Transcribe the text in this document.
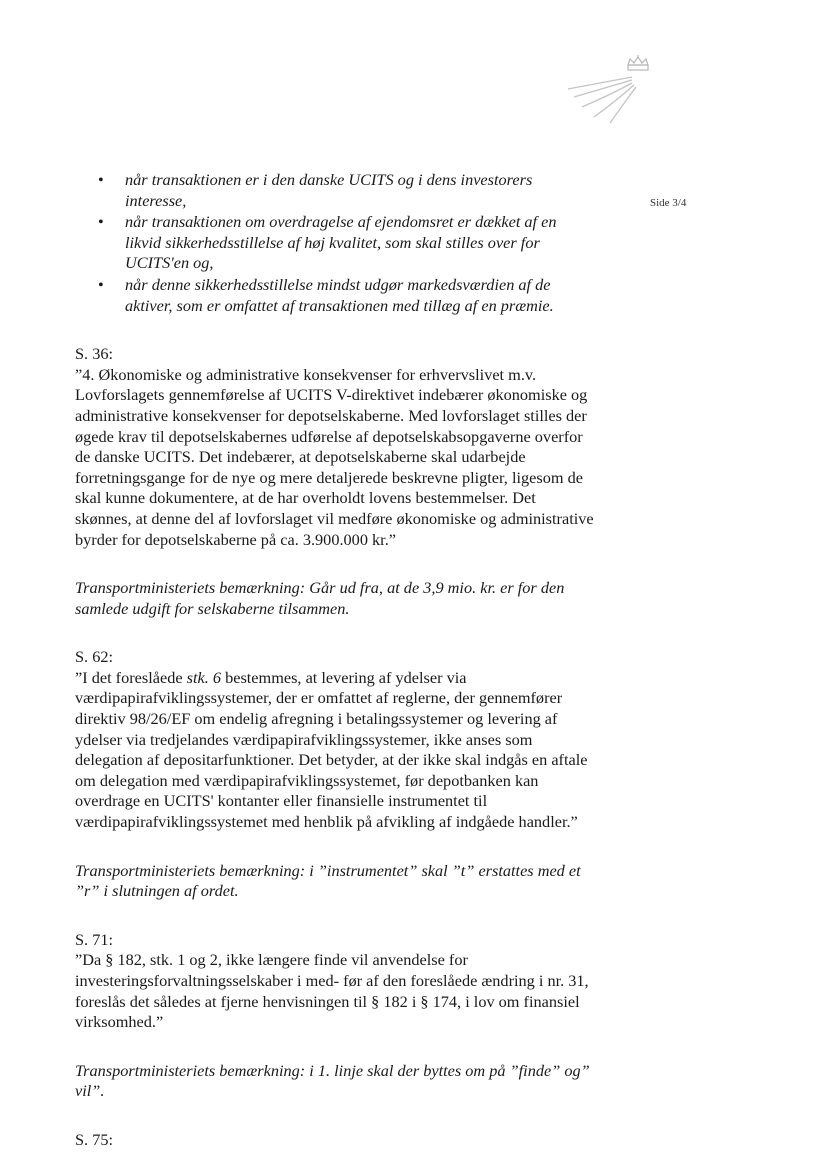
Side 3/4
• når transaktionen er i den danske UCITS og i dens investorers interesse,
• når transaktionen om overdragelse af ejendomsret er dækket af en likvid sikkerhedsstillelse af høj kvalitet, som skal stilles over for UCITS'en og,
• når denne sikkerhedsstillelse mindst udgør markedsværdien af de aktiver, som er omfattet af transaktionen med tillæg af en præmie.

S. 36:

”4. Økonomiske og administrative konsekvenser for erhvervslivet m.v. Lovforslagets gennemførelse af UCITS V-direktivet indebærer økonomiske og administrative konsekvenser for depotselskaberne. Med lovforslaget stilles der øgede krav til depotselskabernes udførelse af depotselskabsopgaverne overfor de danske UCITS. Det indebærer, at depotselskaberne skal udarbejde forretningsgange for de nye og mere detaljerede beskrevne pligter, ligesom de skal kunne dokumentere, at de har overholdt lovens bestemmelser. Det skønnes, at denne del af lovforslaget vil medføre økonomiske og administrative byrder for depotselskaberne på ca. 3.900.000 kr.”

Transportministeriets bemærkning: Går ud fra, at de 3,9 mio. kr. er for den samlede udgift for selskaberne tilsammen.

S. 62:

”I det foreslåede stk. 6 bestemmes, at levering af ydelser via værdipapirafviklingssystemer, der er omfattet af reglerne, der gennemfører direktiv 98/26/EF om endelig afregning i betalingssystemer og levering af ydelser via tredjelandes værdipapirafviklingssystemer, ikke anses som delegation af depositarfunktioner. Det betyder, at der ikke skal indgås en aftale om delegation med værdipapirafviklingssystemet, før depotbanken kan overdrage en UCITS' kontanter eller finansielle instrumentet til værdipapirafviklingssystemet med henblik på afvikling af indgåede handler.”

Transportministeriets bemærkning: i ”instrumentet” skal ”t” erstattes med et ”r” i slutningen af ordet.

S. 71:

”Da § 182, stk. 1 og 2, ikke længere finde vil anvendelse for investeringsforvaltningsselskaber i med- før af den foreslåede ændring i nr. 31, foreslås det således at fjerne henvisningen til § 182 i § 174, i lov om finansiel virksomhed.”

Transportministeriets bemærkning: i 1. linje skal der byttes om på ”finde” og” vil”.

S. 75:
